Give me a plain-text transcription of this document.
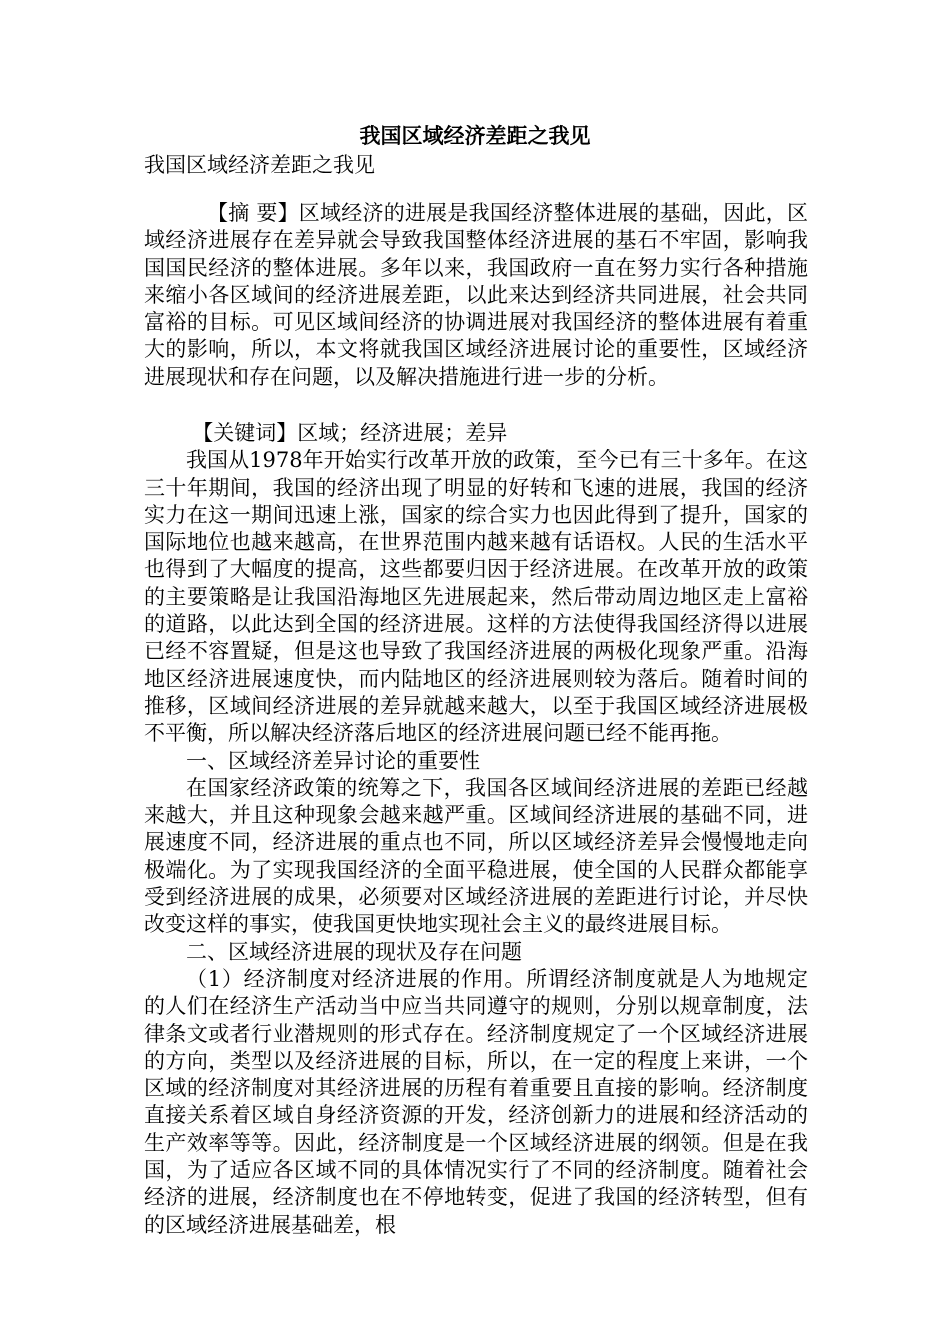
我国区域经济差距之我见

我国区域经济差距之我见

【摘 要】区域经济的进展是我国经济整体进展的基础，因此，区域经济进展存在差异就会导致我国整体经济进展的基石不牢固，影响我国国民经济的整体进展。多年以来，我国政府一直在努力实行各种措施来缩小各区域间的经济进展差距，以此来达到经济共同进展，社会共同富裕的目标。可见区域间经济的协调进展对我国经济的整体进展有着重大的影响，所以，本文将就我国区域经济进展讨论的重要性，区域经济进展现状和存在问题，以及解决措施进行进一步的分析。

【关键词】区域；经济进展；差异

我国从1978年开始实行改革开放的政策，至今已有三十多年。在这三十年期间，我国的经济出现了明显的好转和飞速的进展，我国的经济实力在这一期间迅速上涨，国家的综合实力也因此得到了提升，国家的国际地位也越来越高，在世界范围内越来越有话语权。人民的生活水平也得到了大幅度的提高，这些都要归因于经济进展。在改革开放的政策的主要策略是让我国沿海地区先进展起来，然后带动周边地区走上富裕的道路，以此达到全国的经济进展。这样的方法使得我国经济得以进展已经不容置疑，但是这也导致了我国经济进展的两极化现象严重。沿海地区经济进展速度快，而内陆地区的经济进展则较为落后。随着时间的推移，区域间经济进展的差异就越来越大，以至于我国区域经济进展极不平衡，所以解决经济落后地区的经济进展问题已经不能再拖。

一、区域经济差异讨论的重要性

在国家经济政策的统筹之下，我国各区域间经济进展的差距已经越来越大，并且这种现象会越来越严重。区域间经济进展的基础不同，进展速度不同，经济进展的重点也不同，所以区域经济差异会慢慢地走向极端化。为了实现我国经济的全面平稳进展，使全国的人民群众都能享受到经济进展的成果，必须要对区域经济进展的差距进行讨论，并尽快改变这样的事实，使我国更快地实现社会主义的最终进展目标。

二、区域经济进展的现状及存在问题

（1）经济制度对经济进展的作用。所谓经济制度就是人为地规定的人们在经济生产活动当中应当共同遵守的规则，分别以规章制度，法律条文或者行业潜规则的形式存在。经济制度规定了一个区域经济进展的方向，类型以及经济进展的目标，所以，在一定的程度上来讲，一个区域的经济制度对其经济进展的历程有着重要且直接的影响。经济制度直接关系着区域自身经济资源的开发，经济创新力的进展和经济活动的生产效率等等。因此，经济制度是一个区域经济进展的纲领。但是在我国，为了适应各区域不同的具体情况实行了不同的经济制度。随着社会经济的进展，经济制度也在不停地转变，促进了我国的经济转型，但有的区域经济进展基础差，根
